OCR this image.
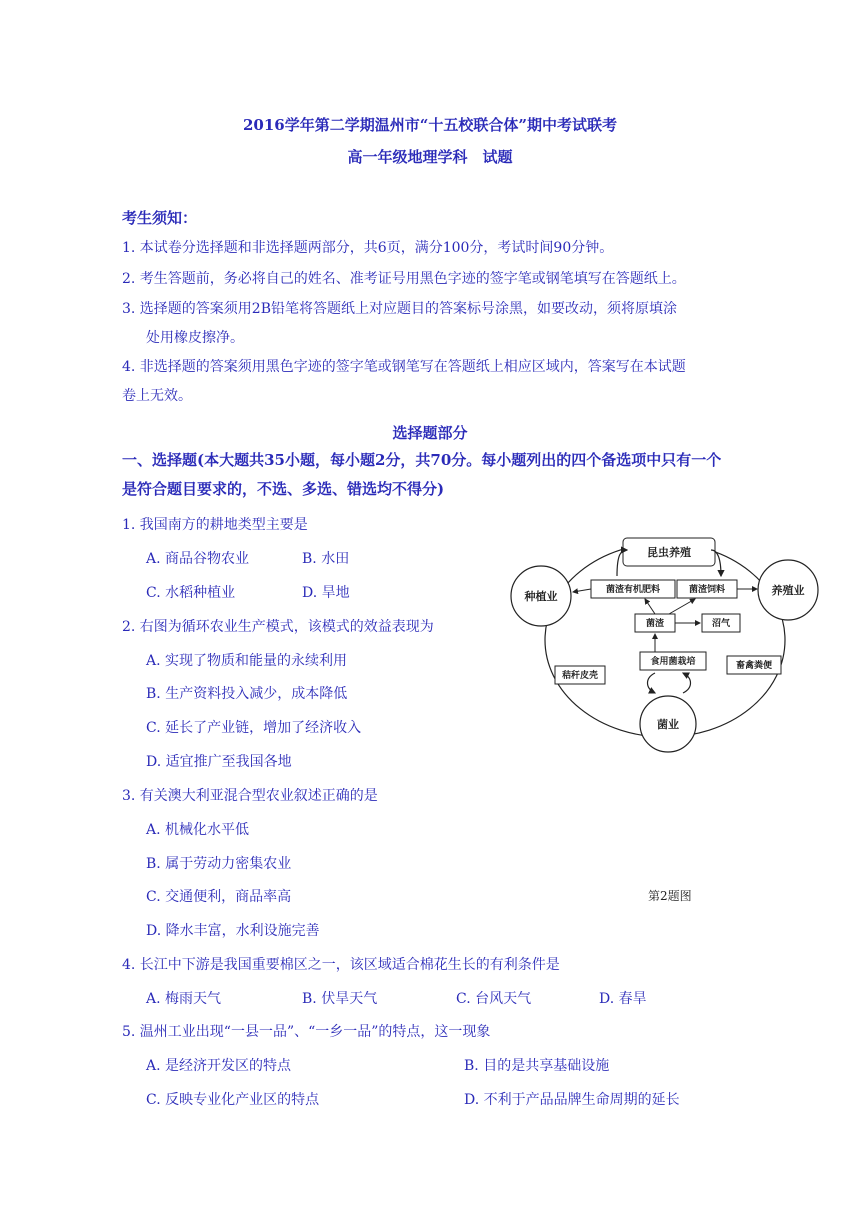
2016学年第二学期温州市“十五校联合体”期中考试联考
高一年级地理学科　试题
考生须知：
1. 本试卷分选择题和非选择题两部分，共6页，满分100分，考试时间90分钟。
2. 考生答题前，务必将自己的姓名、准考证号用黑色字迹的签字笔或钢笔填写在答题纸上。
3. 选择题的答案须用2B铅笔将答题纸上对应题目的答案标号涂黑，如要改动，须将原填涂
处用橡皮擦净。
4. 非选择题的答案须用黑色字迹的签字笔或钢笔写在答题纸上相应区域内，答案写在本试题
卷上无效。
选择题部分
一、选择题(本大题共35小题，每小题2分，共70分。每小题列出的四个备选项中只有一个
是符合题目要求的，不选、多选、错选均不得分)
1. 我国南方的耕地类型主要是
A. 商品谷物农业	B. 水田
C. 水稻种植业	D. 旱地
2. 右图为循环农业生产模式，该模式的效益表现为
A. 实现了物质和能量的永续利用
B. 生产资料投入减少，成本降低
C. 延长了产业链，增加了经济收入
D. 适宜推广至我国各地
3. 有关澳大利亚混合型农业叙述正确的是
A. 机械化水平低
B. 属于劳动力密集农业
C. 交通便利，商品率高
D. 降水丰富，水利设施完善
4. 长江中下游是我国重要棉区之一，该区域适合棉花生长的有利条件是
A. 梅雨天气	B. 伏旱天气	C. 台风天气	D. 春旱
5. 温州工业出现“一县一品”、“一乡一品”的特点，这一现象
A. 是经济开发区的特点	B. 目的是共享基础设施
C. 反映专业化产业区的特点	D. 不利于产品品牌生命周期的延长
种植业	养殖业
菌业
昆虫养殖
菌渣有机肥料	菌渣饲料
菌渣	沼气
食用菌栽培
秸秆皮壳
畜禽粪便
第2题图
